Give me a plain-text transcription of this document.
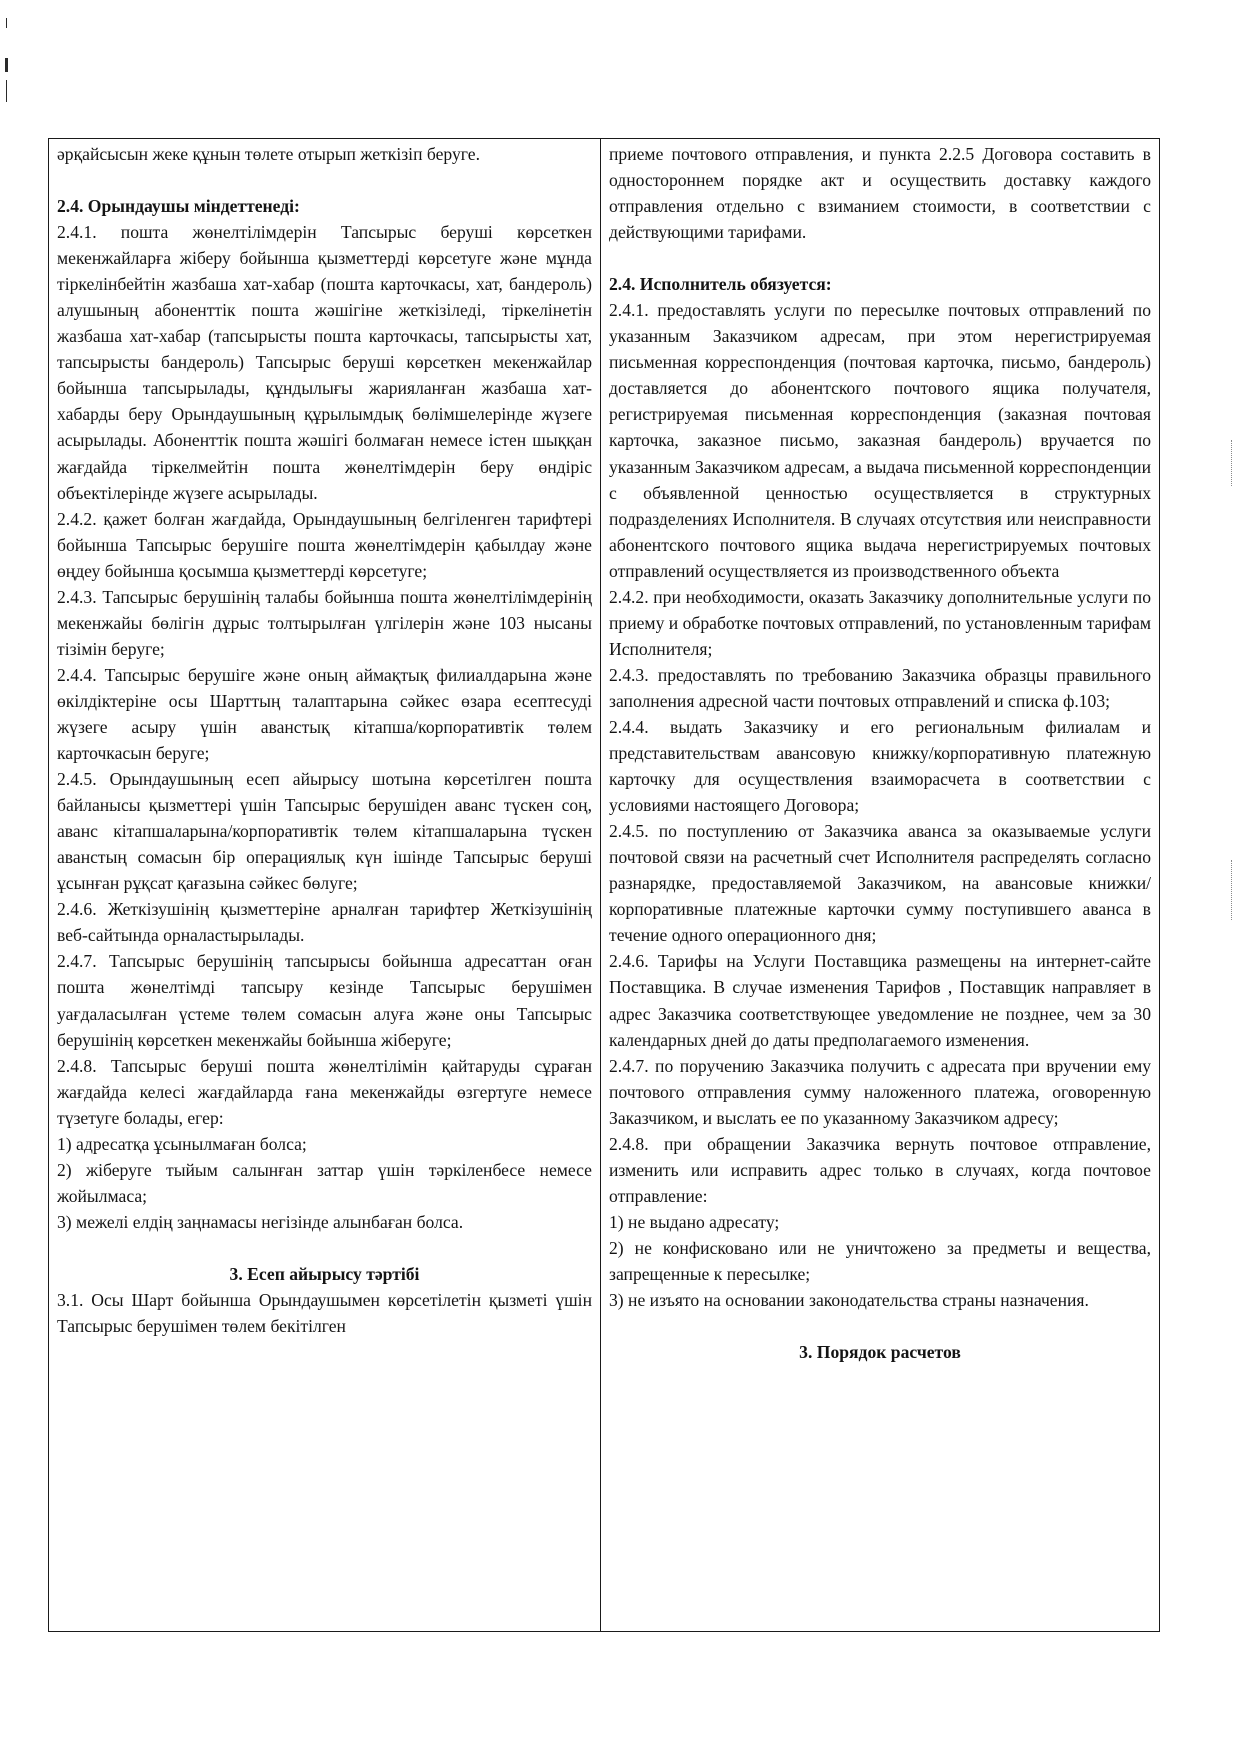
әрқайсысын жеке құнын төлете отырып жеткізіп беруге.

2.4. Орындаушы міндеттенеді:

2.4.1. пошта жөнелтілімдерін Тапсырыс беруші көрсеткен мекенжайларға жіберу бойынша қызметтерді көрсетуге және мұнда тіркелінбейтін жазбаша хат-хабар (пошта карточкасы, хат, бандероль) алушының абоненттік пошта жәшігіне жеткізіледі, тіркелінетін жазбаша хат-хабар (тапсырысты пошта карточкасы, тапсырысты хат, тапсырысты бандероль) Тапсырыс беруші көрсеткен мекенжайлар бойынша тапсырылады, құндылығы жарияланған жазбаша хат-хабарды беру Орындаушының құрылымдық бөлімшелерінде жүзеге асырылады. Абоненттік пошта жәшігі болмаған немесе істен шыққан жағдайда тіркелмейтін пошта жөнелтімдерін беру өндіріс объектілерінде жүзеге асырылады.

2.4.2. қажет болған жағдайда, Орындаушының белгіленген тарифтері бойынша Тапсырыс берушіге пошта жөнелтімдерін қабылдау және өңдеу бойынша қосымша қызметтерді көрсетуге;

2.4.3. Тапсырыс берушінің талабы бойынша пошта жөнелтілімдерінің мекенжайы бөлігін дұрыс толтырылған үлгілерін және 103 нысаны тізімін беруге;

2.4.4. Тапсырыс берушіге және оның аймақтық филиалдарына және өкілдіктеріне осы Шарттың талаптарына сәйкес өзара есептесуді жүзеге асыру үшін аванстық кітапша/корпоративтік төлем карточкасын беруге;

2.4.5. Орындаушының есеп айырысу шотына көрсетілген пошта байланысы қызметтері үшін Тапсырыс берушіден аванс түскен соң, аванс кітапшаларына/корпоративтік төлем кітапшаларына түскен аванстың сомасын бір операциялық күн ішінде Тапсырыс беруші ұсынған рұқсат қағазына сәйкес бөлуге;

2.4.6. Жеткізушінің қызметтеріне арналған тарифтер Жеткізушінің веб-сайтында орналастырылады.

2.4.7. Тапсырыс берушінің тапсырысы бойынша адресаттан оған пошта жөнелтімді тапсыру кезінде Тапсырыс берушімен уағдаласылған үстеме төлем сомасын алуға және оны Тапсырыс берушінің көрсеткен мекенжайы бойынша жіберуге;

2.4.8. Тапсырыс беруші пошта жөнелтілімін қайтаруды сұраған жағдайда келесі жағдайларда ғана мекенжайды өзгертуге немесе түзетуге болады, егер:

1) адресатқа ұсынылмаған болса;

2) жіберуге тыйым салынған заттар үшін тәркіленбесе немесе жойылмаса;

3) межелі елдің заңнамасы негізінде алынбаған болса.

3. Есеп айырысу тәртібі

3.1. Осы Шарт бойынша Орындаушымен көрсетілетін қызметі үшін Тапсырыс берушімен төлем бекітілген

приеме почтового отправления, и пункта 2.2.5 Договора составить в одностороннем порядке акт и осуществить доставку каждого отправления отдельно с взиманием стоимости, в соответствии с действующими тарифами.

2.4. Исполнитель обязуется:

2.4.1. предоставлять услуги по пересылке почтовых отправлений по указанным Заказчиком адресам, при этом нерегистрируемая письменная корреспонденция (почтовая карточка, письмо, бандероль) доставляется до абонентского почтового ящика получателя, регистрируемая письменная корреспонденция (заказная почтовая карточка, заказное письмо, заказная бандероль) вручается по указанным Заказчиком адресам, а выдача письменной корреспонденции с объявленной ценностью осуществляется в структурных подразделениях Исполнителя. В случаях отсутствия или неисправности абонентского почтового ящика выдача нерегистрируемых почтовых отправлений осуществляется из производственного объекта

2.4.2. при необходимости, оказать Заказчику дополнительные услуги по приему и обработке почтовых отправлений, по установленным тарифам Исполнителя;

2.4.3. предоставлять по требованию Заказчика образцы правильного заполнения адресной части почтовых отправлений и списка ф.103;

2.4.4. выдать Заказчику и его региональным филиалам и представительствам авансовую книжку/корпоративную платежную карточку для осуществления взаиморасчета в соответствии с условиями настоящего Договора;

2.4.5. по поступлению от Заказчика аванса за оказываемые услуги почтовой связи на расчетный счет Исполнителя распределять согласно разнарядке, предоставляемой Заказчиком, на авансовые книжки/корпоративные платежные карточки сумму поступившего аванса в течение одного операционного дня;

2.4.6. Тарифы на Услуги Поставщика размещены на интернет-сайте Поставщика. В случае изменения Тарифов , Поставщик направляет в адрес Заказчика соответствующее уведомление не позднее, чем за 30 календарных дней до даты предполагаемого изменения.

2.4.7. по поручению Заказчика получить с адресата при вручении ему почтового отправления сумму наложенного платежа, оговоренную Заказчиком, и выслать ее по указанному Заказчиком адресу;

2.4.8. при обращении Заказчика вернуть почтовое отправление, изменить или исправить адрес только в случаях, когда почтовое отправление:

1) не выдано адресату;

2) не конфисковано или не уничтожено за предметы и вещества, запрещенные к пересылке;

3) не изъято на основании законодательства страны назначения.

3. Порядок расчетов
